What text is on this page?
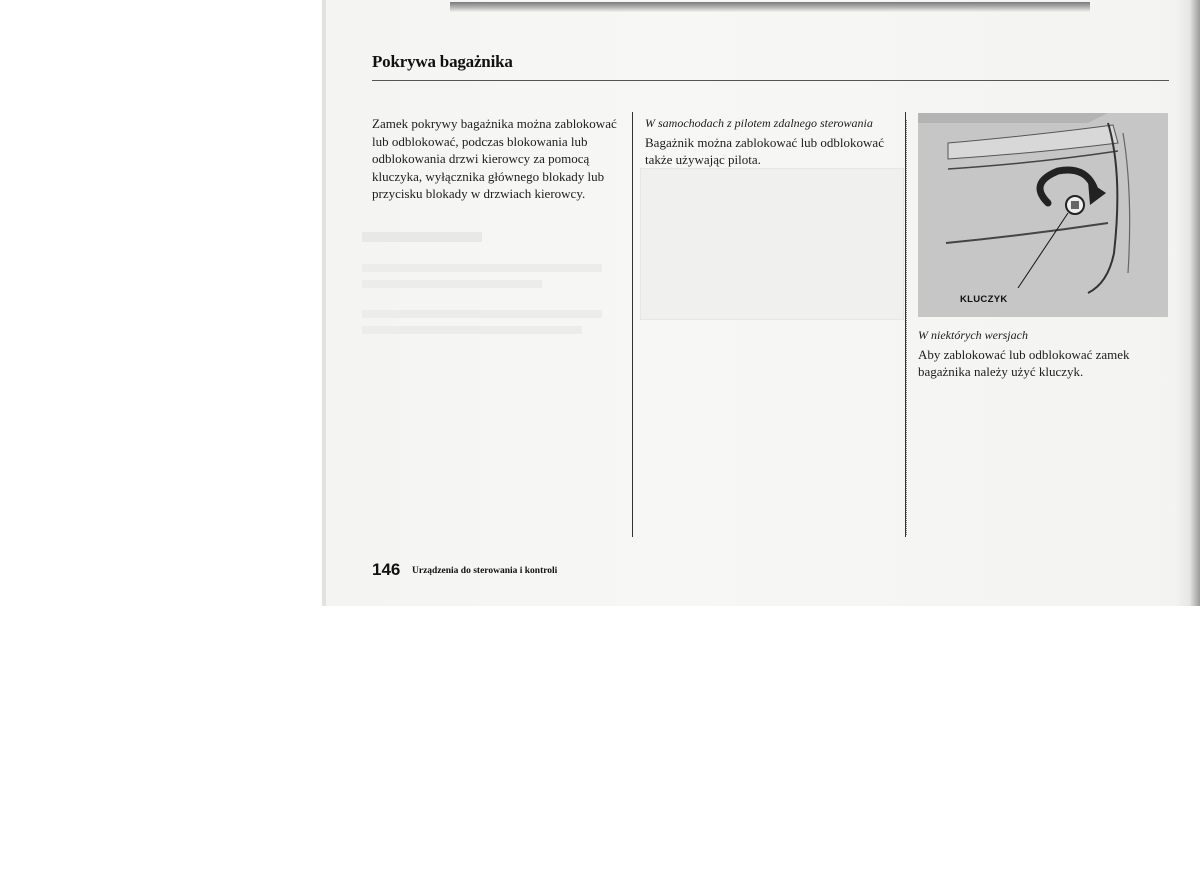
Pokrywa bagażnika
Zamek pokrywy bagażnika można zablokować lub odblokować, podczas blokowania lub odblokowania drzwi kierowcy za pomocą kluczyka, wyłącznika głównego blokady lub przycisku blokady w drzwiach kierowcy.
W samochodach z pilotem zdalnego sterowania
Bagażnik można zablokować lub odblokować także używając pilota.
KLUCZYK
W niektórych wersjach
Aby zablokować lub odblokować zamek bagażnika należy użyć kluczyk.
146 Urządzenia do sterowania i kontroli
